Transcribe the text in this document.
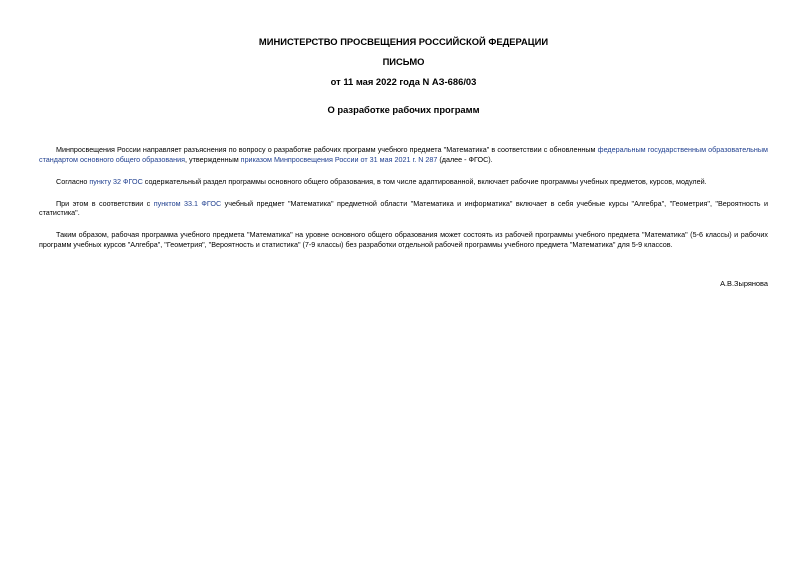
МИНИСТЕРСТВО ПРОСВЕЩЕНИЯ РОССИЙСКОЙ ФЕДЕРАЦИИ

ПИСЬМО

от 11 мая 2022 года N АЗ-686/03

О разработке рабочих программ

Минпросвещения России направляет разъяснения по вопросу о разработке рабочих программ учебного предмета "Математика" в соответствии с обновленным федеральным государственным образовательным стандартом основного общего образования, утвержденным приказом Минпросвещения России от 31 мая 2021 г. N 287 (далее - ФГОС).

Согласно пункту 32 ФГОС содержательный раздел программы основного общего образования, в том числе адаптированной, включает рабочие программы учебных предметов, курсов, модулей.

При этом в соответствии с пунктом 33.1 ФГОС учебный предмет "Математика" предметной области "Математика и информатика" включает в себя учебные курсы "Алгебра", "Геометрия", "Вероятность и статистика".

Таким образом, рабочая программа учебного предмета "Математика" на уровне основного общего образования может состоять из рабочей программы учебного предмета "Математика" (5-6 классы) и рабочих программ учебных курсов "Алгебра", "Геометрия", "Вероятность и статистика" (7-9 классы) без разработки отдельной рабочей программы учебного предмета "Математика" для 5-9 классов.

А.В.Зырянова
